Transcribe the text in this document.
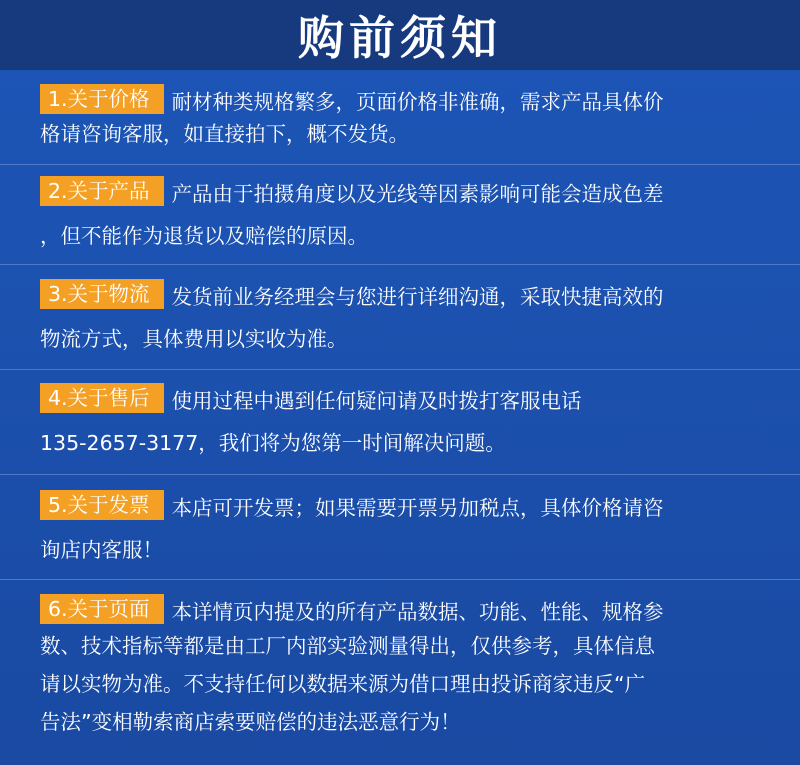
购前须知
1.关于价格	耐材种类规格繁多，页面价格非准确，需求产品具体价
格请咨询客服，如直接拍下，概不发货。
2.关于产品	产品由于拍摄角度以及光线等因素影响可能会造成色差
，但不能作为退货以及赔偿的原因。
3.关于物流	发货前业务经理会与您进行详细沟通，采取快捷高效的
物流方式，具体费用以实收为准。
4.关于售后	使用过程中遇到任何疑问请及时拨打客服电话
135-2657-3177，我们将为您第一时间解决问题。
5.关于发票	本店可开发票；如果需要开票另加税点，具体价格请咨
询店内客服！
6.关于页面	本详情页内提及的所有产品数据、功能、性能、规格参
数、技术指标等都是由工厂内部实验测量得出，仅供参考，具体信息
请以实物为准。不支持任何以数据来源为借口理由投诉商家违反“广
告法”变相勒索商店索要赔偿的违法恶意行为！
